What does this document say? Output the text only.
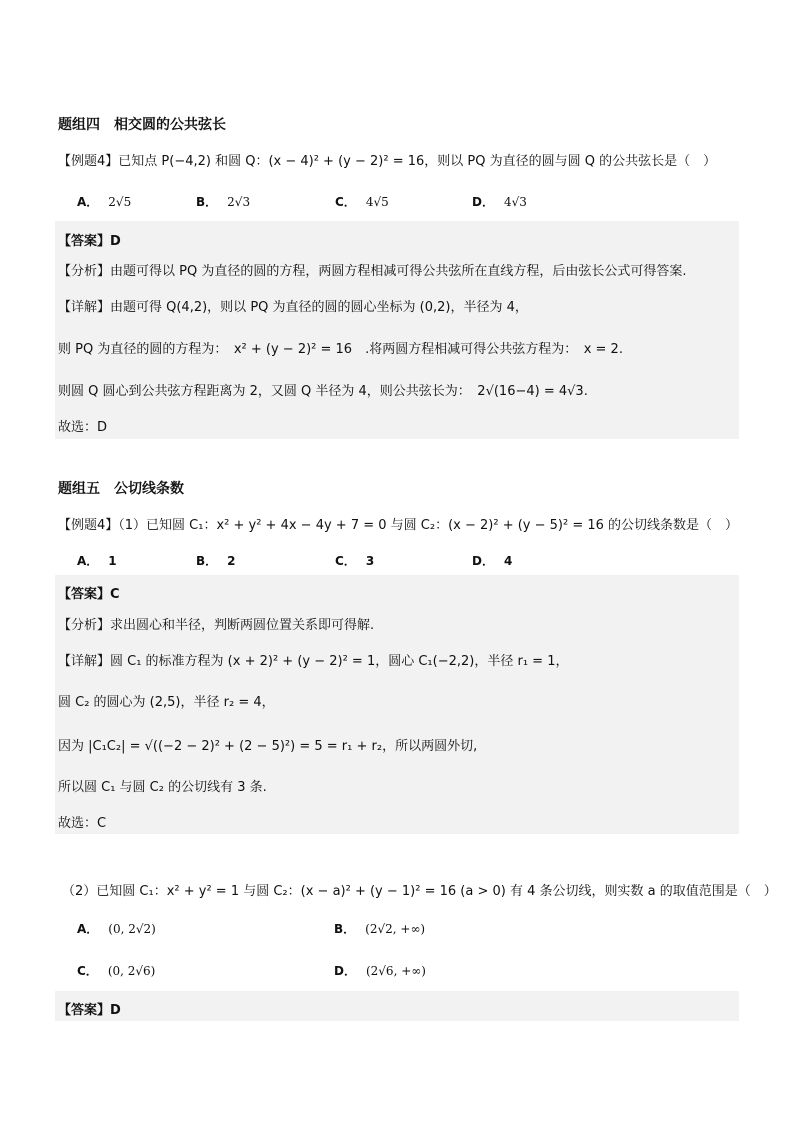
题组四　相交圆的公共弦长
【例题4】已知点 P(−4,2) 和圆 Q：(x − 4)² + (y − 2)² = 16，则以 PQ 为直径的圆与圆 Q 的公共弦长是（　）
A． 2√5	B． 2√3	C． 4√5	D． 4√3
【答案】D
【分析】由题可得以 PQ 为直径的圆的方程，两圆方程相减可得公共弦所在直线方程，后由弦长公式可得答案.
【详解】由题可得 Q(4,2)，则以 PQ 为直径的圆的圆心坐标为 (0,2)，半径为 4，
则 PQ 为直径的圆的方程为：　x² + (y − 2)² = 16　.将两圆方程相减可得公共弦方程为：　x = 2.
则圆 Q 圆心到公共弦方程距离为 2，又圆 Q 半径为 4，则公共弦长为：　2√(16−4) = 4√3.
故选：D
题组五　公切线条数
【例题4】（1）已知圆 C₁：x² + y² + 4x − 4y + 7 = 0 与圆 C₂：(x − 2)² + (y − 5)² = 16 的公切线条数是（　）
A． 1	B． 2	C． 3	D． 4
【答案】C
【分析】求出圆心和半径，判断两圆位置关系即可得解.
【详解】圆 C₁ 的标准方程为 (x + 2)² + (y − 2)² = 1，圆心 C₁(−2,2)，半径 r₁ = 1，
圆 C₂ 的圆心为 (2,5)，半径 r₂ = 4，
因为 |C₁C₂| = √((−2 − 2)² + (2 − 5)²) = 5 = r₁ + r₂，所以两圆外切,
所以圆 C₁ 与圆 C₂ 的公切线有 3 条.
故选：C
（2）已知圆 C₁：x² + y² = 1 与圆 C₂：(x − a)² + (y − 1)² = 16 (a > 0) 有 4 条公切线，则实数 a 的取值范围是（　）
A． (0, 2√2)	B． (2√2, +∞)
C． (0, 2√6)	D． (2√6, +∞)
【答案】D
